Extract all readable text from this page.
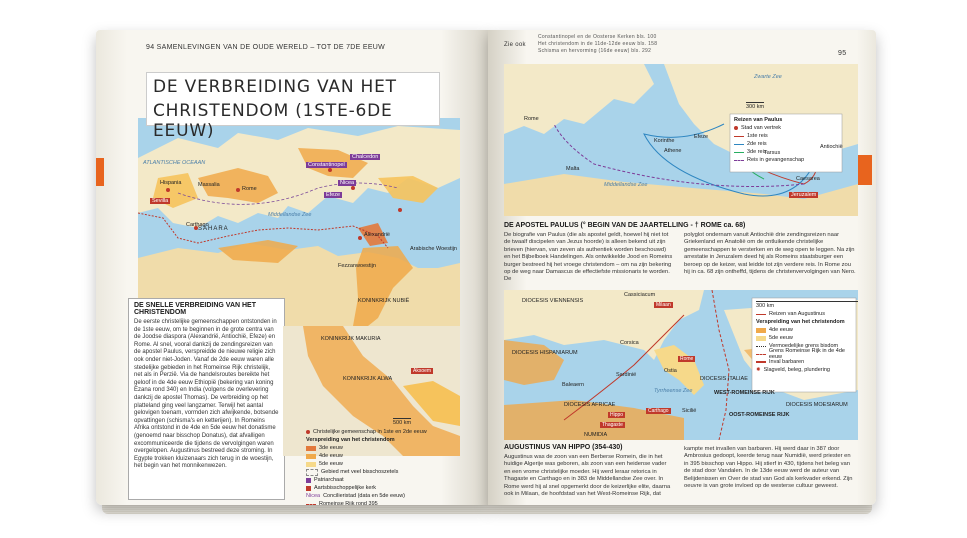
94 SAMENLEVINGEN VAN DE OUDE WERELD – TOT DE 7DE EEUW
ATLANTISCHE OCEAAN
SAHARA
Fezzanwoestijn
Arabische Woestijn
KONINKRIJK NUBIË
Constantinopel
Chalcedon
Nicea
Efeze
Rome
Carthago
Sevilla
Hispania	Massalia
Alexandrië
Middellandse Zee
DE VERBREIDING VAN HET
CHRISTENDOM (1STE-6DE EEUW)
DE SNELLE VERBREIDING VAN HET CHRISTENDOM
De eerste christelijke gemeenschappen ontstonden in de 1ste eeuw, om te beginnen in de grote centra van de Joodse diaspora (Alexandrië, Antiochië, Efeze) en Rome. Al snel, vooral dankzij de zendingsreizen van de apostel Paulus, verspreidde de nieuwe religie zich ook onder niet-Joden. Vanaf de 2de eeuw waren alle stedelijke gebieden in het Romeinse Rijk christelijk, net als in Perzië. Via de handelsroutes bereikte het geloof in de 4de eeuw Ethiopië (bekering van koning Ezana rond 340) en India (volgens de overlevering dankzij de apostel Thomas). De verbreiding op het platteland ging veel langzamer. Terwijl het aantal gelovigen toenam, vormden zich afwijkende, botsende opvattingen (schisma's en ketterijen). In Romeins Afrika ontstond in de 4de en 5de eeuw het donatisme (genoemd naar bisschop Donatus), dat afvalligen excommuniceerde die tijdens de vervolgingen waren overgelopen. Augustinus bestreed deze stroming. In Egypte trokken kluizenaars zich terug in de woestijn, het begin van het monnikenwezen.
KONINKRIJK MAKURIA
KONINKRIJK ALWA
Aksoem
500 km
Christelijke gemeenschap in 1ste en 2de eeuw
Verspreiding van het christendom
3de eeuw
4de eeuw
5de eeuw
Gebied met veel bisschoszetels
Patriarchaat
Aartsbisschoppelijke kerk
Nicea Concilieristad (data en 5de eeuw)
Romeinse Rijk rond 395
Zie ook
Constantinopel en de Oosterse Kerken bls. 100
Het christendom in de 11de-12de eeuw bls. 158
Schisma en hervorming (16de eeuw) bls. 292	95
300 km
Reizen van Paulus
Stad van vertrek
1ste reis
2de reis
3de reis
Reis in gevangenschap
Jeruzalem
Antiochië
Caesarea
Rome
Malta
Korinthe
Athene
Efeze
Tarsus
Middellandse Zee
Zwarte Zee
DE APOSTEL PAULUS (° BEGIN VAN DE JAARTELLING - † ROME ca. 68)
De biografie van Paulus (die als apostel geldt, hoewel hij niet tot de twaalf discipelen van Jezus hoorde) is alleen bekend uit zijn brieven (hiervan, van zeven als authentiek worden beschouwd) en het Bijbelboek Handelingen. Als ontwikkelde Jood en Romeins burger bestreed hij het vroege christendom – om na zijn bekering op de weg naar Damascus de effectiefste missionaris te worden. De
polyglot ondernam vanuit Antiochië drie zendingsreizen naar Griekenland en Anatolië om de ontluikende christelijke gemeenschappen te versterken en de weg open te leggen. Na zijn arrestatie in Jeruzalem deed hij als Romeins staatsburger een beroep op de keizer, wat leidde tot zijn verdere reis. In Rome zou hij in ca. 68 zijn ontheffd, tijdens de christenvervolgingen van Nero.
300 km
Reizen van Augustinus
Verspreiding van het christendom
4de eeuw
5de eeuw
Vermoedelijke grens bisdom
Grens Romeinse Rijk in de 4de eeuw
Inval barbaren
✸ Slagveld, beleg, plundering
DIOCESIS VIENNENSIS
DIOCESIS HISPANIARUM
Cassiciacum
Milaan
Rome
Ostia
Corsica
Sardinië
Sicilië
Carthago
Thagaste
Hippo
DIOCESIS AFRICAE
WEST-ROMEINSE RIJK
OOST-ROMEINSE RIJK
DIOCESIS ITALIAE
DIOCESIS MOESIARUM
Baleaern
Tyrrheense Zee
NUMIDIA
AUGUSTINUS VAN HIPPO (354-430)
Augustinus was de zoon van een Berberse Romein, die in het huidige Algerije was geboren, als zoon van een heidense vader en een vrome christelijke moeder. Hij werd leraar retorica in Thagaste en Carthago en in 383 de Middellandse Zee over. In Rome werd hij al snel opgemerkt door de keizerlijke elite, daarna ook in Milaan, de hoofdstad van het West-Romeinse Rijk, dat
kampte met invallen van barbaren. Hij werd daar in 387 door Ambrosius gedoopt, keerde terug naar Numidië, werd priester en in 395 bisschop van Hippo. Hij stierf in 430, tijdens het beleg van de stad door Vandalen. In de 13de eeuw werd de auteur van Belijdenissen en Over de stad van God als kerkvader erkend. Zijn oeuvre is van grote invloed op de westerse cultuur geweest.
